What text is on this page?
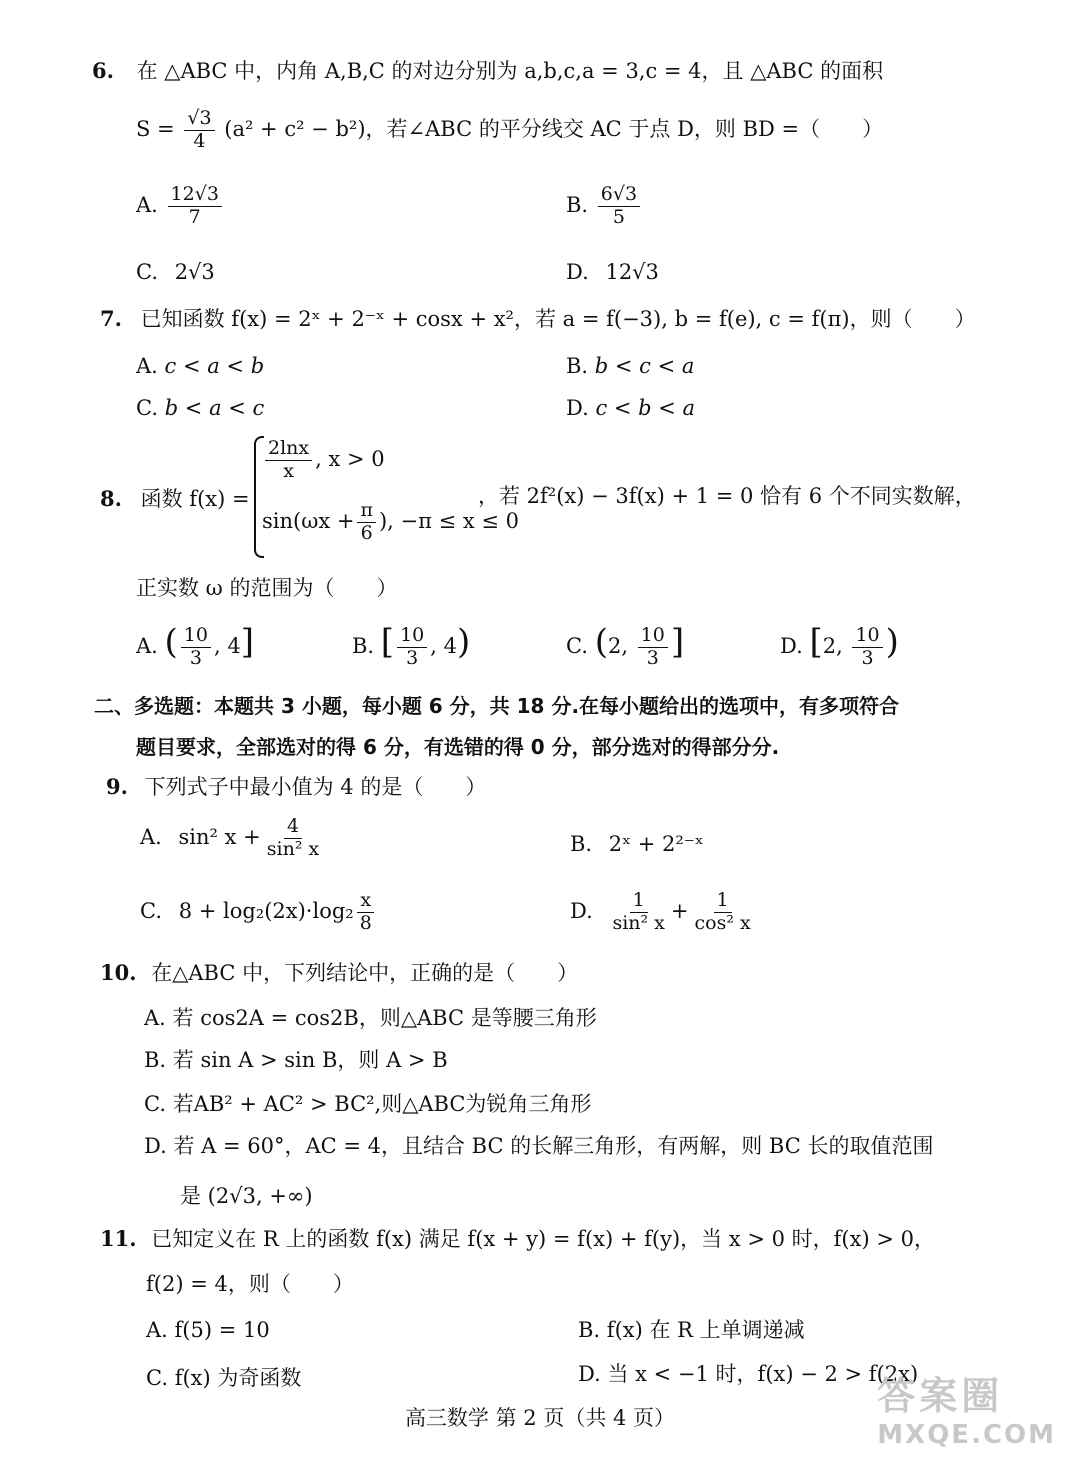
6. 在 △ABC 中，内角 A,B,C 的对边分别为 a,b,c,a = 3,c = 4，且 △ABC 的面积
$S = \frac{√3}{4} (a^2 + c^2 - b^2)$，若∠ABC 的平分线交 AC 于点 D，则 BD =（　　）
A. $\frac{12√3}{7}$	B. $\frac{6√3}{5}$
C. 2√3	D. 12√3
7. 已知函数 f(x) = 2ˣ + 2⁻ˣ + cosx + x²，若 a = f(−3), b = f(e), c = f(π)，则（　　）
A. c < a < b	B. b < c < a
C. b < a < c	D. c < b < a
8. 函数 f(x) =
$\frac{2\ln x}{x}$ , x > 0
$\sin(\omega x + \frac{\pi}{6}$ ), −π ≤ x ≤ 0
，若 2f²(x) − 3f(x) + 1 = 0 恰有 6 个不同实数解，
正实数 ω 的范围为（　　）
A. ( $\frac{10}{3}$ , 4]	B. [ $\frac{10}{3}$ , 4)	C. (2, $\frac{10}{3}$ ]	D. [2, $\frac{10}{3}$ )
二、多选题：本题共 3 小题，每小题 6 分，共 18 分.在每小题给出的选项中，有多项符合
题目要求，全部选对的得 6 分，有选错的得 0 分，部分选对的得部分分.
9. 下列式子中最小值为 4 的是（　　）
A. sin² $x + \frac{4}{\text{sin² x}}$	B. 2ˣ + 2²⁻ˣ
C. $8 + \log_2(2x)\cdot\log_2 \frac{x}{8}$	D. $\frac{1}{\text{sin² x}} + \frac{1}{\text{cos² x}}$
10. 在△ABC 中，下列结论中，正确的是（　　）
A. 若 cos2A = cos2B，则△ABC 是等腰三角形
B. 若 sin A > sin B，则 A > B
C. 若AB² + AC² > BC²,则△ABC为锐角三角形
D. 若 A = 60°，AC = 4，且结合 BC 的长解三角形，有两解，则 BC 长的取值范围
是 (2√3, +∞)
11. 已知定义在 R 上的函数 f(x) 满足 f(x + y) = f(x) + f(y)，当 x > 0 时，f(x) > 0，
f(2) = 4，则（　　）
A. f(5) = 10	B. f(x) 在 R 上单调递减
C. f(x) 为奇函数	D. 当 x < −1 时，f(x) − 2 > f(2x)
高三数学 第 2 页（共 4 页）	答案圈
MXQE.COM
